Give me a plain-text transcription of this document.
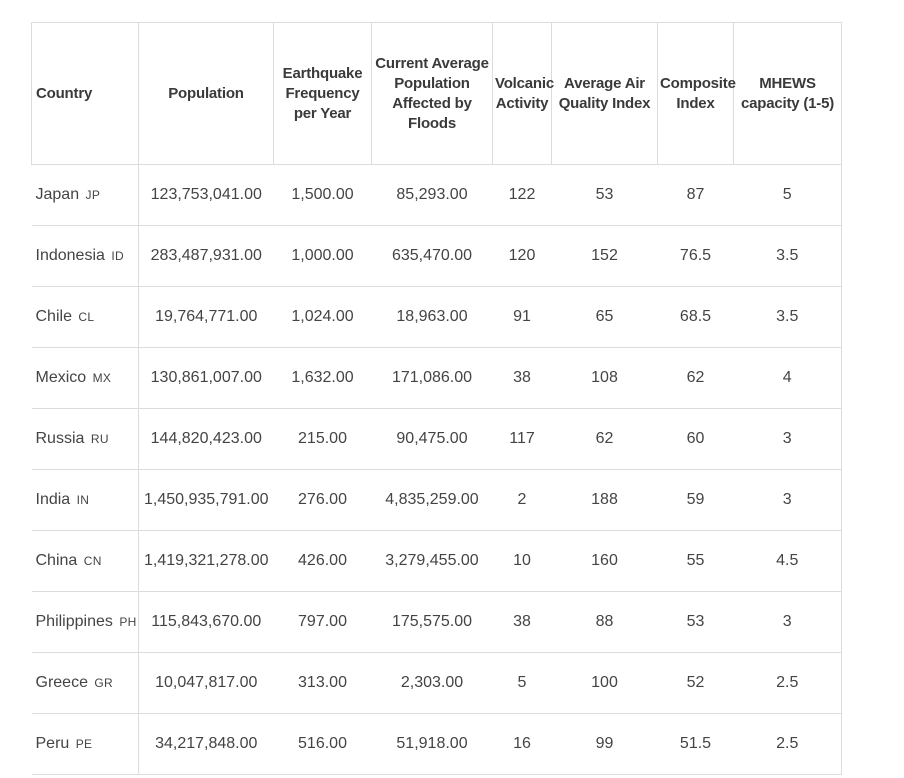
Country	Population	Earthquake Frequency per Year	Current Average Population Affected by Floods	Volcanic Activity	Average Air Quality Index	Composite Index	MHEWS capacity (1-5)
Japan JP	123,753,041.00	1,500.00	85,293.00	122	53	87	5
Indonesia ID	283,487,931.00	1,000.00	635,470.00	120	152	76.5	3.5
Chile CL	19,764,771.00	1,024.00	18,963.00	91	65	68.5	3.5
Mexico MX	130,861,007.00	1,632.00	171,086.00	38	108	62	4
Russia RU	144,820,423.00	215.00	90,475.00	117	62	60	3
India IN	1,450,935,791.00	276.00	4,835,259.00	2	188	59	3
China CN	1,419,321,278.00	426.00	3,279,455.00	10	160	55	4.5
Philippines PH	115,843,670.00	797.00	175,575.00	38	88	53	3
Greece GR	10,047,817.00	313.00	2,303.00	5	100	52	2.5
Peru PE	34,217,848.00	516.00	51,918.00	16	99	51.5	2.5
